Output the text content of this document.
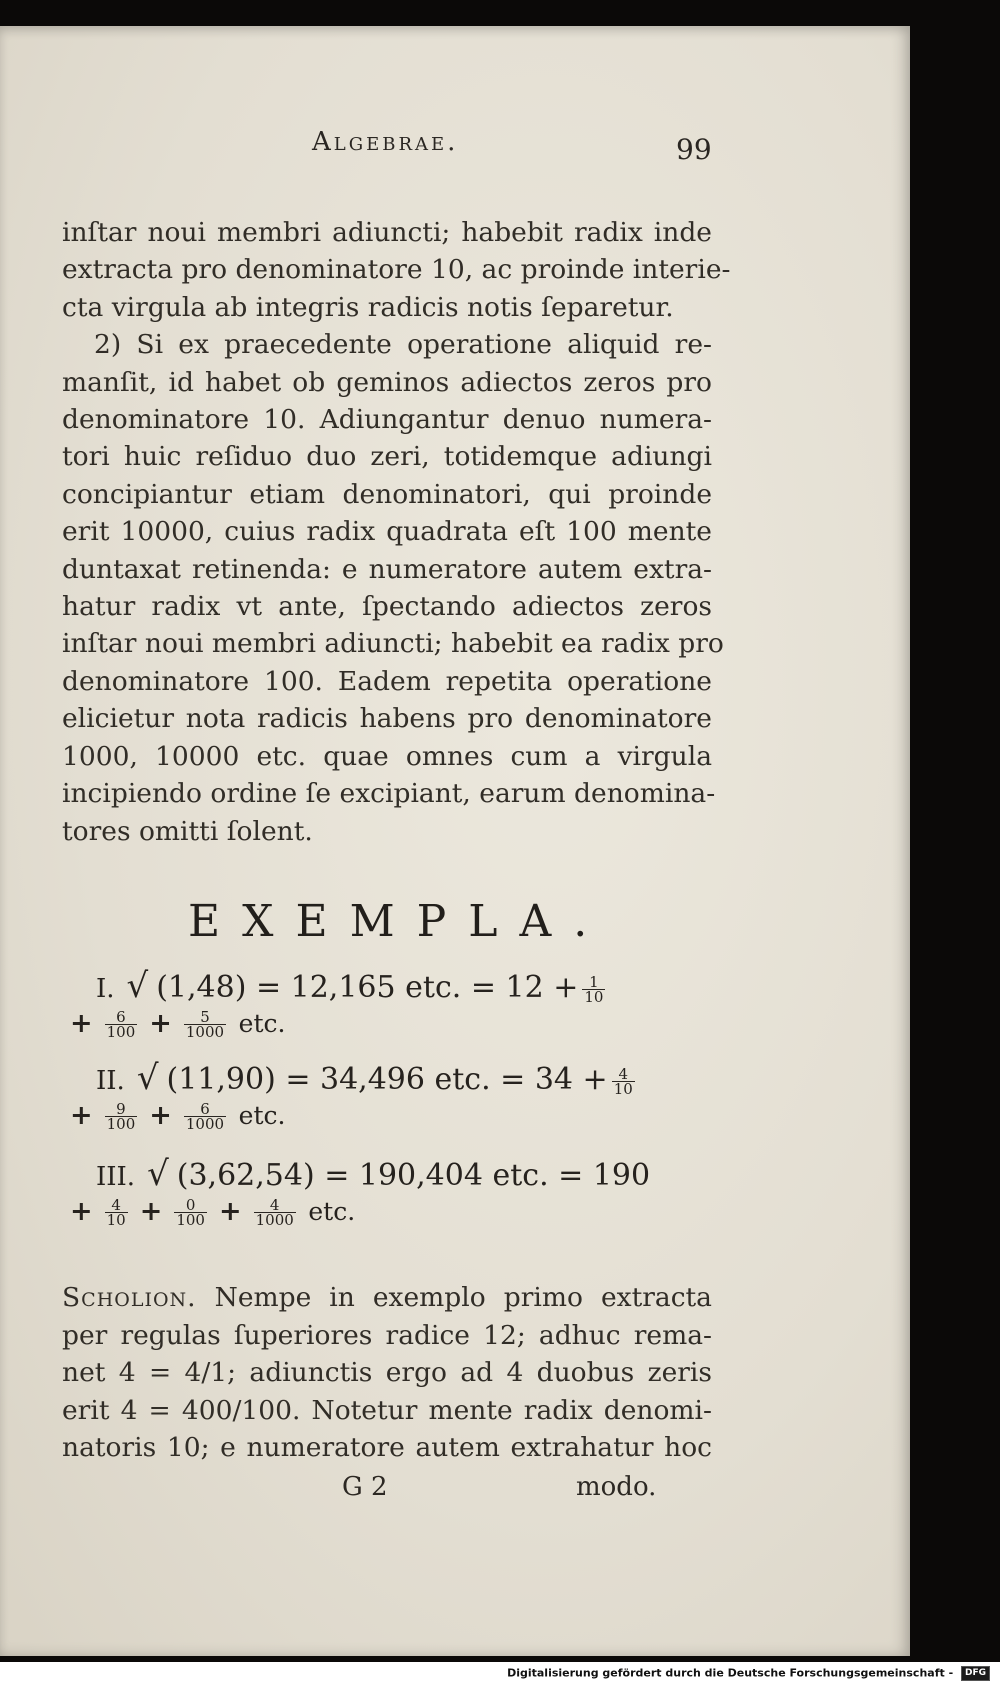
Algebrae.	99
inſtar noui membri adiuncti; habebit radix inde
extracta pro denominatore 10, ac proinde interie-
cta virgula ab integris radicis notis ſeparetur.
2) Si ex praecedente operatione aliquid re-
manſit, id habet ob geminos adiectos zeros pro
denominatore 10. Adiungantur denuo numera-
tori huic reſiduo duo zeri, totidemque adiungi
concipiantur etiam denominatori, qui proinde
erit 10000, cuius radix quadrata eſt 100 mente
duntaxat retinenda: e numeratore autem extra-
hatur radix vt ante, ſpectando adiectos zeros
inſtar noui membri adiuncti; habebit ea radix pro
denominatore 100. Eadem repetita operatione
elicietur nota radicis habens pro denominatore
1000, 10000 etc. quae omnes cum a virgula
incipiendo ordine ſe excipiant, earum denomina-
tores omitti ſolent.
EXEMPLA.
I. √ (1,48) = 12,165 etc. = $12 + \frac{1}{10}$
+ $\frac{6}{100} + \frac{5}{1000}$ etc.
II. √ (11,90) = 34,496 etc. = $34 + \frac{4}{10}$
+ $\frac{9}{100} + \frac{6}{1000}$ etc.
III. √ (3,62,54) = 190,404 etc. = 190
+ $\frac{4}{10} + \frac{0}{100} + \frac{4}{1000}$ etc.
Scholion. Nempe in exemplo primo extracta
per regulas ſuperiores radice 12; adhuc rema-
net 4 = 4/1; adiunctis ergo ad 4 duobus zeris
erit 4 = 400/100. Notetur mente radix denomi-
natoris 10; e numeratore autem extrahatur hoc
G 2	modo.
Digitalisierung gefördert durch die Deutsche Forschungsgemeinschaft - DFG
